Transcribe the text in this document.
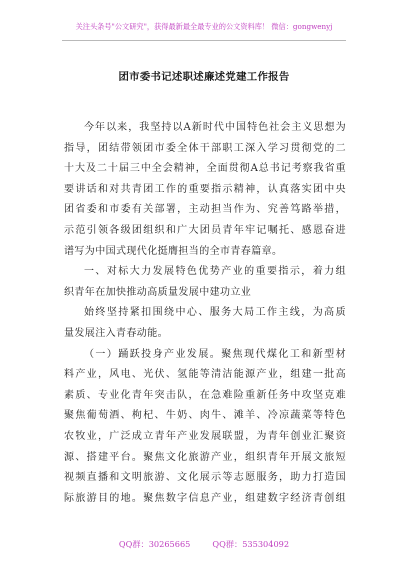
关注头条号"公文研究"，获得最新最全最专业的公文资料库！ 微信：gongwenyj
团市委书记述职述廉述党建工作报告
今年以来，我坚持以A新时代中国特色社会主义思想为
指导，团结带领团市委全体干部职工深入学习贯彻党的二
十大及二十届三中全会精神，全面贯彻A总书记考察我省重
要讲话和对共青团工作的重要指示精神，认真落实团中央
团省委和市委有关部署，主动担当作为、究善笃路举措，
示范引领各级团组织和广大团员青年牢记嘱托、感恩奋进
谱写为中国式现代化挺膺担当的全市青春篇章。
一、对标大力发展特色优势产业的重要指示，着力组
织青年在加快推动高质量发展中建功立业
始终坚持紧扣围绕中心、服务大局工作主线，为高质
量发展注入青春动能。
（一）踊跃投身产业发展。聚焦现代煤化工和新型材
料产业，风电、光伏、氢能等清洁能源产业，组建一批高
素质、专业化青年突击队，在急难险重新任务中攻坚克难
聚焦葡萄酒、枸杞、牛奶、肉牛、滩羊、冷凉蔬菜等特色
农牧业，广泛成立青年产业发展联盟，为青年创业汇聚资
源、搭建平台。聚焦文化旅游产业，组织青年开展文旅短
视频直播和文明旅游、文化展示等志愿服务，助力打造国
际旅游目的地。聚焦数字信息产业，组建数字经济青创组
QQ群：30265665	QQ群：535304092
